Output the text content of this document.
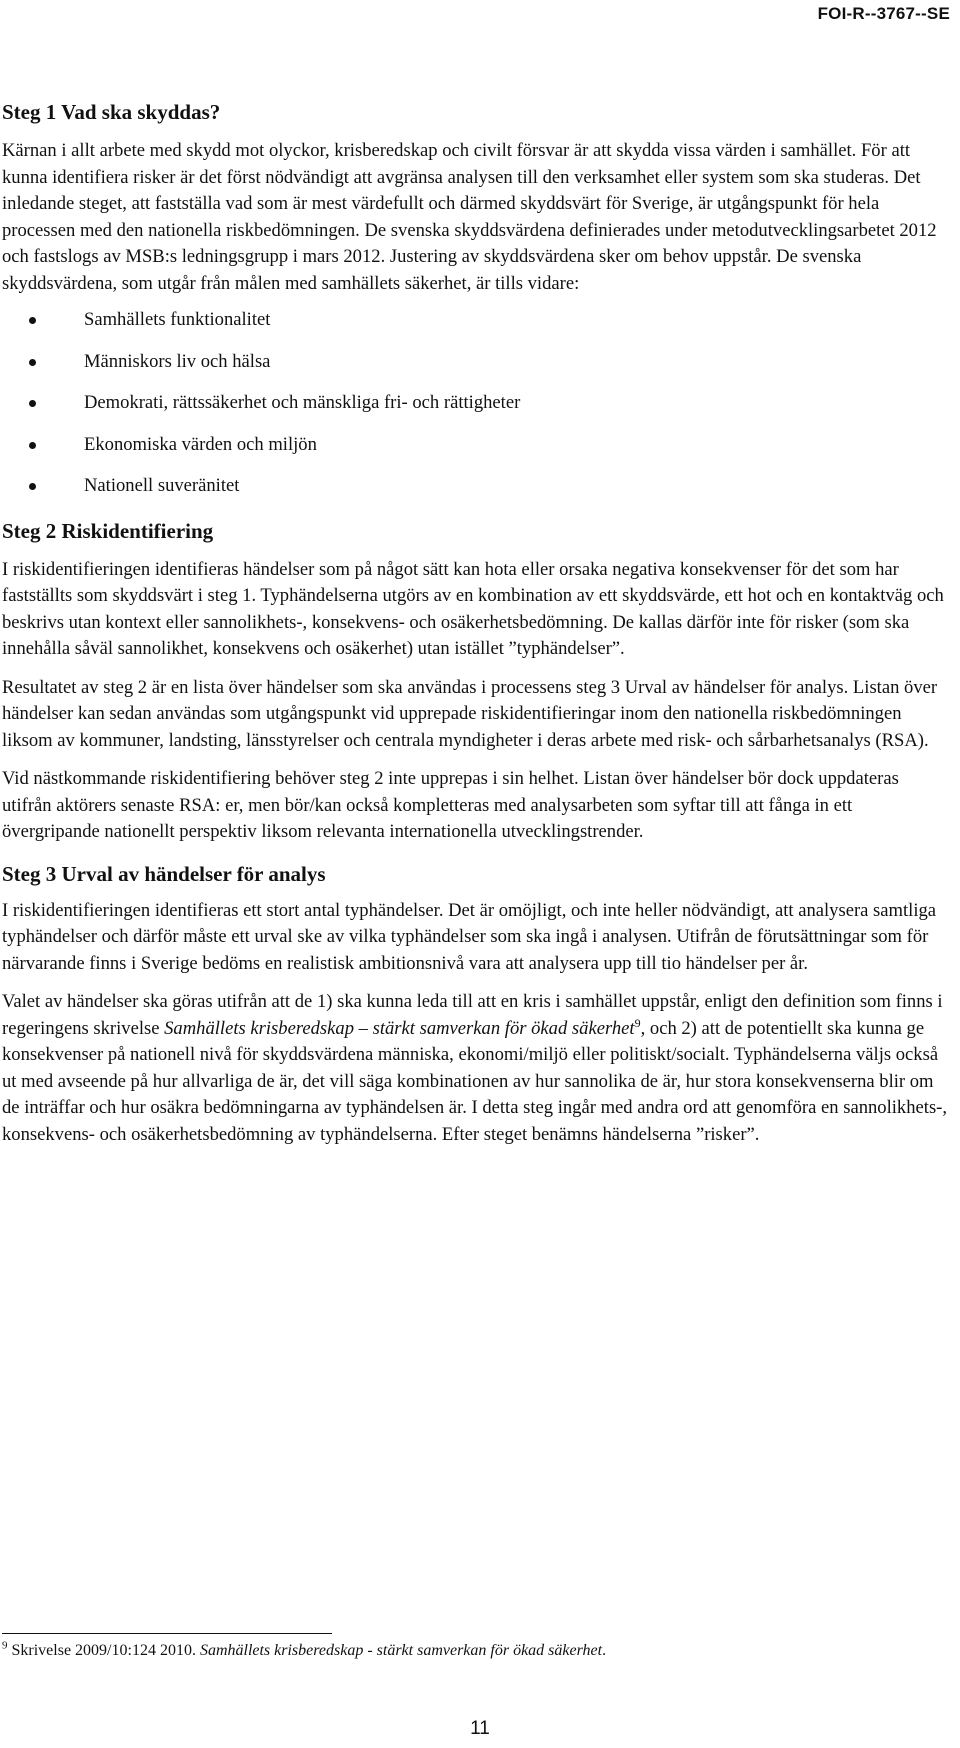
FOI-R--3767--SE
Steg 1 Vad ska skyddas?

Kärnan i allt arbete med skydd mot olyckor, krisberedskap och civilt försvar är att skydda vissa värden i samhället. För att kunna identifiera risker är det först nödvändigt att avgränsa analysen till den verksamhet eller system som ska studeras. Det inledande steget, att fastställa vad som är mest värdefullt och därmed skyddsvärt för Sverige, är utgångspunkt för hela processen med den nationella riskbedömningen. De svenska skyddsvärdena definierades under metodutvecklingsarbetet 2012 och fastslogs av MSB:s ledningsgrupp i mars 2012. Justering av skyddsvärdena sker om behov uppstår. De svenska skyddsvärdena, som utgår från målen med samhällets säkerhet, är tills vidare:

Samhällets funktionalitet
Människors liv och hälsa
Demokrati, rättssäkerhet och mänskliga fri- och rättigheter
Ekonomiska värden och miljön
Nationell suveränitet
Steg 2 Riskidentifiering

I riskidentifieringen identifieras händelser som på något sätt kan hota eller orsaka negativa konsekvenser för det som har fastställts som skyddsvärt i steg 1. Typhändelserna utgörs av en kombination av ett skyddsvärde, ett hot och en kontaktväg och beskrivs utan kontext eller sannolikhets-, konsekvens- och osäkerhetsbedömning. De kallas därför inte för risker (som ska innehålla såväl sannolikhet, konsekvens och osäkerhet) utan istället ”typhändelser”.

Resultatet av steg 2 är en lista över händelser som ska användas i processens steg 3 Urval av händelser för analys. Listan över händelser kan sedan användas som utgångspunkt vid upprepade riskidentifieringar inom den nationella riskbedömningen liksom av kommuner, landsting, länsstyrelser och centrala myndigheter i deras arbete med risk- och sårbarhetsanalys (RSA).

Vid nästkommande riskidentifiering behöver steg 2 inte upprepas i sin helhet. Listan över händelser bör dock uppdateras utifrån aktörers senaste RSA: er, men bör/kan också kompletteras med analysarbeten som syftar till att fånga in ett övergripande nationellt perspektiv liksom relevanta internationella utvecklingstrender.

Steg 3 Urval av händelser för analys

I riskidentifieringen identifieras ett stort antal typhändelser. Det är omöjligt, och inte heller nödvändigt, att analysera samtliga typhändelser och därför måste ett urval ske av vilka typhändelser som ska ingå i analysen. Utifrån de förutsättningar som för närvarande finns i Sverige bedöms en realistisk ambitionsnivå vara att analysera upp till tio händelser per år.

Valet av händelser ska göras utifrån att de 1) ska kunna leda till att en kris i samhället uppstår, enligt den definition som finns i regeringens skrivelse Samhällets krisberedskap – stärkt samverkan för ökad säkerhet$^9$, och 2) att de potentiellt ska kunna ge konsekvenser på nationell nivå för skyddsvärdena människa, ekonomi/miljö eller politiskt/socialt. Typhändelserna väljs också ut med avseende på hur allvarliga de är, det vill säga kombinationen av hur sannolika de är, hur stora konsekvenserna blir om de inträffar och hur osäkra bedömningarna av typhändelsen är. I detta steg ingår med andra ord att genomföra en sannolikhets-, konsekvens- och osäkerhetsbedömning av typhändelserna. Efter steget benämns händelserna ”risker”.

$^9$ Skrivelse 2009/10:124 2010. Samhällets krisberedskap - stärkt samverkan för ökad säkerhet.
11
